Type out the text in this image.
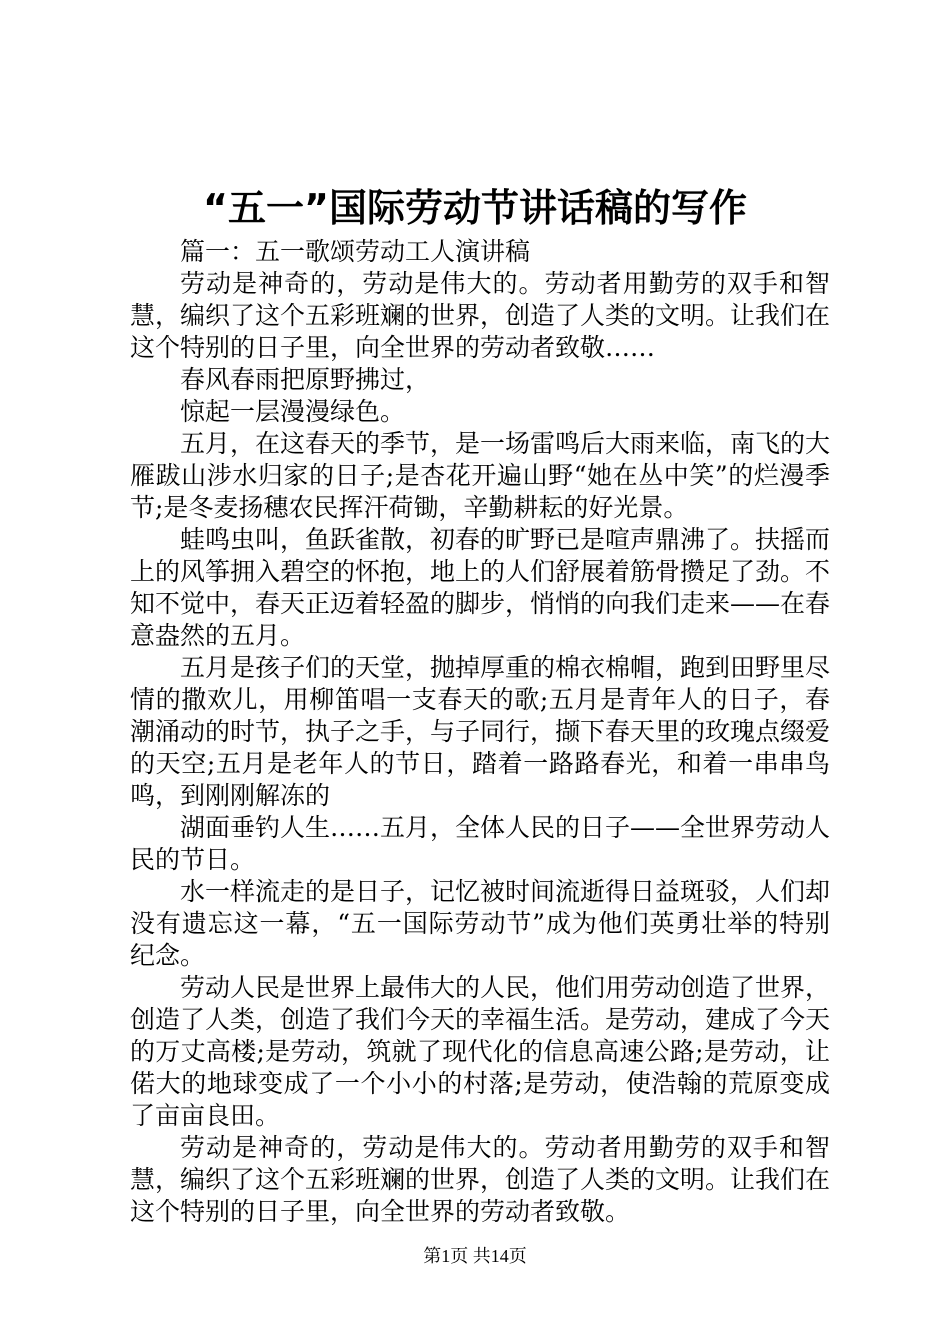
“五一”国际劳动节讲话稿的写作

篇一：五一歌颂劳动工人演讲稿

劳动是神奇的，劳动是伟大的。劳动者用勤劳的双手和智慧，编织了这个五彩班斓的世界，创造了人类的文明。让我们在这个特别的日子里，向全世界的劳动者致敬……

春风春雨把原野拂过，

惊起一层漫漫绿色。

五月，在这春天的季节，是一场雷鸣后大雨来临，南飞的大雁跋山涉水归家的日子;是杏花开遍山野“她在丛中笑”的烂漫季节;是冬麦扬穗农民挥汗荷锄，辛勤耕耘的好光景。

蛙鸣虫叫，鱼跃雀散，初春的旷野已是喧声鼎沸了。扶摇而上的风筝拥入碧空的怀抱，地上的人们舒展着筋骨攒足了劲。不知不觉中，春天正迈着轻盈的脚步，悄悄的向我们走来——在春意盎然的五月。

五月是孩子们的天堂，抛掉厚重的棉衣棉帽，跑到田野里尽情的撒欢儿，用柳笛唱一支春天的歌;五月是青年人的日子，春潮涌动的时节，执子之手，与子同行，撷下春天里的玫瑰点缀爱的天空;五月是老年人的节日，踏着一路路春光，和着一串串鸟鸣，到刚刚解冻的

湖面垂钓人生……五月，全体人民的日子——全世界劳动人民的节日。

水一样流走的是日子，记忆被时间流逝得日益斑驳，人们却没有遗忘这一幕，“五一国际劳动节”成为他们英勇壮举的特别纪念。

劳动人民是世界上最伟大的人民，他们用劳动创造了世界，创造了人类，创造了我们今天的幸福生活。是劳动，建成了今天的万丈高楼;是劳动，筑就了现代化的信息高速公路;是劳动，让偌大的地球变成了一个小小的村落;是劳动，使浩翰的荒原变成了亩亩良田。

劳动是神奇的，劳动是伟大的。劳动者用勤劳的双手和智慧，编织了这个五彩班斓的世界，创造了人类的文明。让我们在这个特别的日子里，向全世界的劳动者致敬。

第1页 共14页
